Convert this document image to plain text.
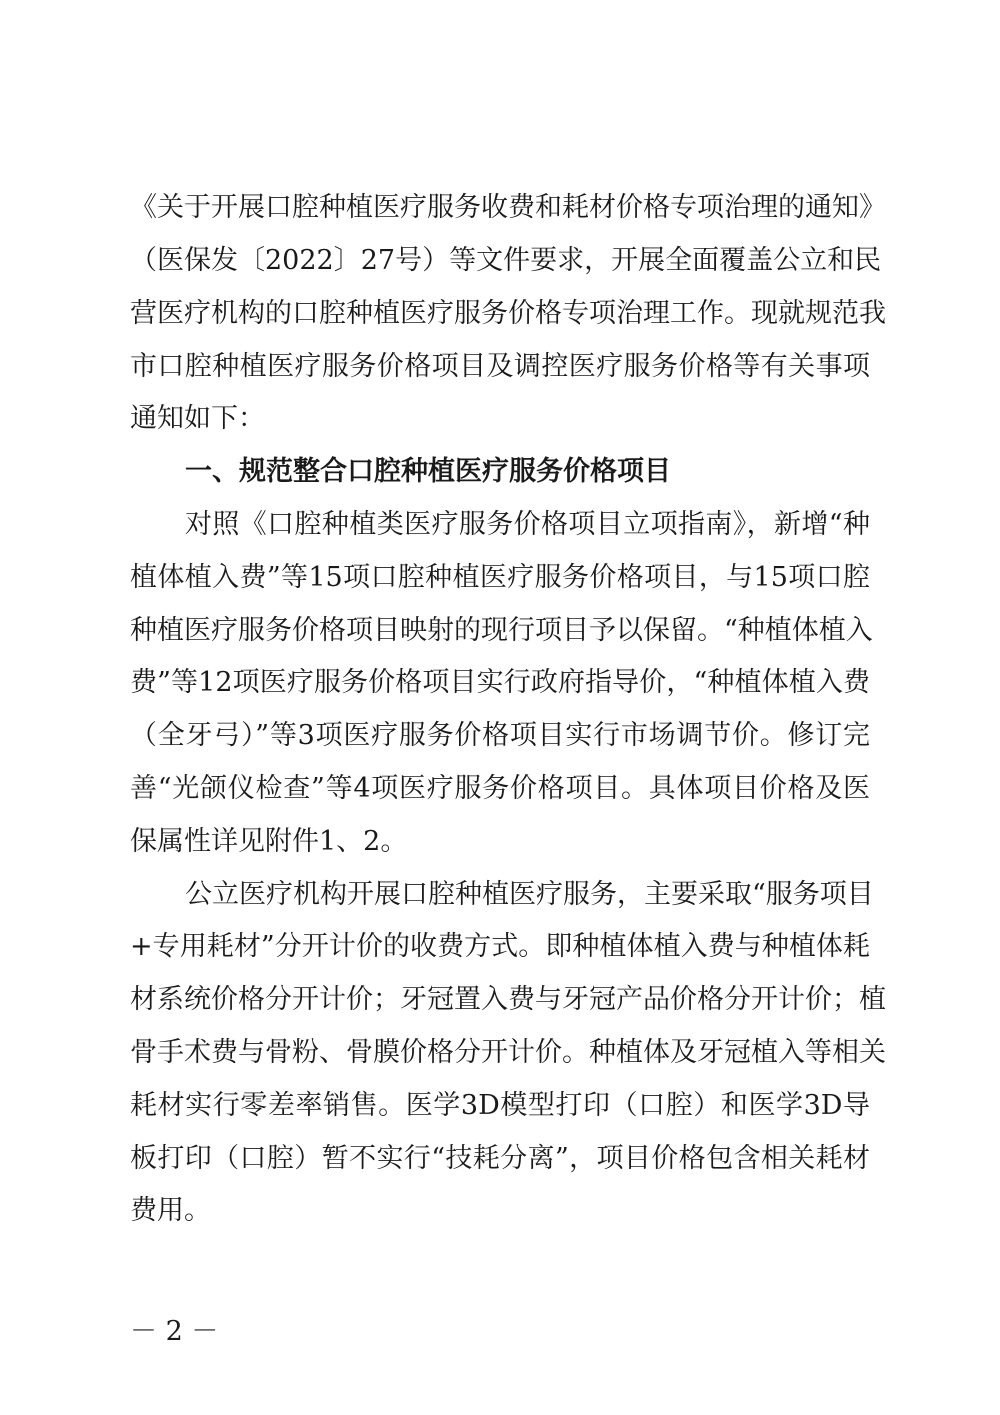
《关于开展口腔种植医疗服务收费和耗材价格专项治理的通知》
（医保发〔2022〕27号）等文件要求，开展全面覆盖公立和民
营医疗机构的口腔种植医疗服务价格专项治理工作。现就规范我
市口腔种植医疗服务价格项目及调控医疗服务价格等有关事项
通知如下：
一、规范整合口腔种植医疗服务价格项目
对照《口腔种植类医疗服务价格项目立项指南》，新增“种
植体植入费”等15项口腔种植医疗服务价格项目，与15项口腔
种植医疗服务价格项目映射的现行项目予以保留。“种植体植入
费”等12项医疗服务价格项目实行政府指导价，“种植体植入费
（全牙弓）”等3项医疗服务价格项目实行市场调节价。修订完
善“光颌仪检查”等4项医疗服务价格项目。具体项目价格及医
保属性详见附件1、2。
公立医疗机构开展口腔种植医疗服务，主要采取“服务项目
+专用耗材”分开计价的收费方式。即种植体植入费与种植体耗
材系统价格分开计价；牙冠置入费与牙冠产品价格分开计价；植
骨手术费与骨粉、骨膜价格分开计价。种植体及牙冠植入等相关
耗材实行零差率销售。医学3D模型打印（口腔）和医学3D导
板打印（口腔）暂不实行“技耗分离”，项目价格包含相关耗材
费用。
－ 2 －
